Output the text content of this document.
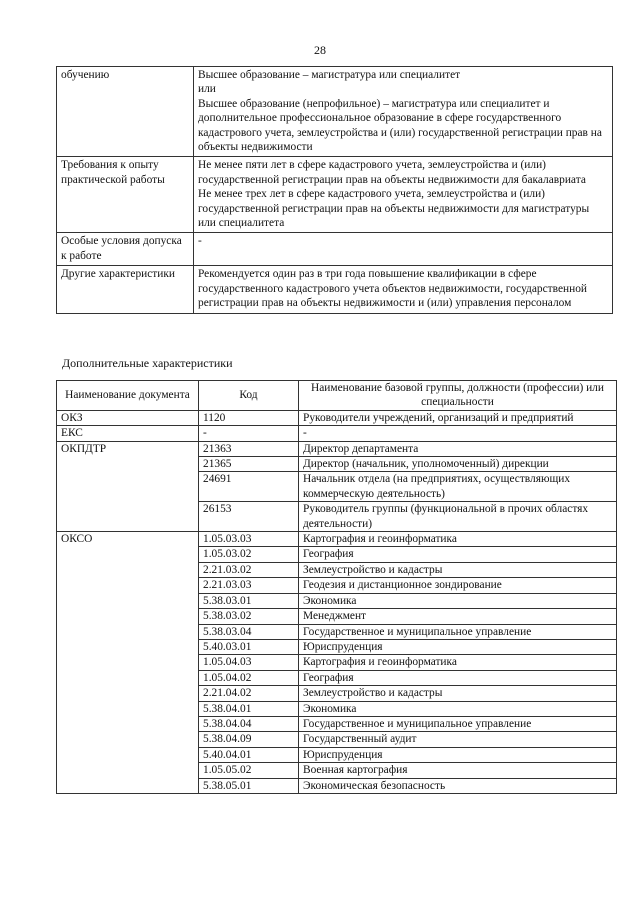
28
обучению	Высшее образование – магистратура или специалитет
или
Высшее образование (непрофильное) – магистратура или специалитет и дополнительное профессиональное образование в сфере государственного кадастрового учета, землеустройства и (или) государственной регистрации прав на объекты недвижимости

Требования к опыту практической работы	Не менее пяти лет в сфере кадастрового учета, землеустройства и (или) государственной регистрации прав на объекты недвижимости для бакалавриата
Не менее трех лет в сфере кадастрового учета, землеустройства и (или) государственной регистрации прав на объекты недвижимости для магистратуры или специалитета

Особые условия допуска к работе	-

Другие характеристики	Рекомендуется один раз в три года повышение квалификации в сфере государственного кадастрового учета объектов недвижимости, государственной регистрации прав на объекты недвижимости и (или) управления персоналом
Дополнительные характеристики
Наименование документа	Код	Наименование базовой группы, должности (профессии) или специальности
ОКЗ	1120	Руководители учреждений, организаций и предприятий
ЕКС	-	-
ОКПДТР	21363	Директор департамента
	21365	Директор (начальник, уполномоченный) дирекции
	24691	Начальник отдела (на предприятиях, осуществляющих коммерческую деятельность)
	26153	Руководитель группы (функциональной в прочих областях деятельности)
ОКСО	1.05.03.03	Картография и геоинформатика
	1.05.03.02	География
	2.21.03.02	Землеустройство и кадастры
	2.21.03.03	Геодезия и дистанционное зондирование
	5.38.03.01	Экономика
	5.38.03.02	Менеджмент
	5.38.03.04	Государственное и муниципальное управление
	5.40.03.01	Юриспруденция
	1.05.04.03	Картография и геоинформатика
	1.05.04.02	География
	2.21.04.02	Землеустройство и кадастры
	5.38.04.01	Экономика
	5.38.04.04	Государственное и муниципальное управление
	5.38.04.09	Государственный аудит
	5.40.04.01	Юриспруденция
	1.05.05.02	Военная картография
	5.38.05.01	Экономическая безопасность
